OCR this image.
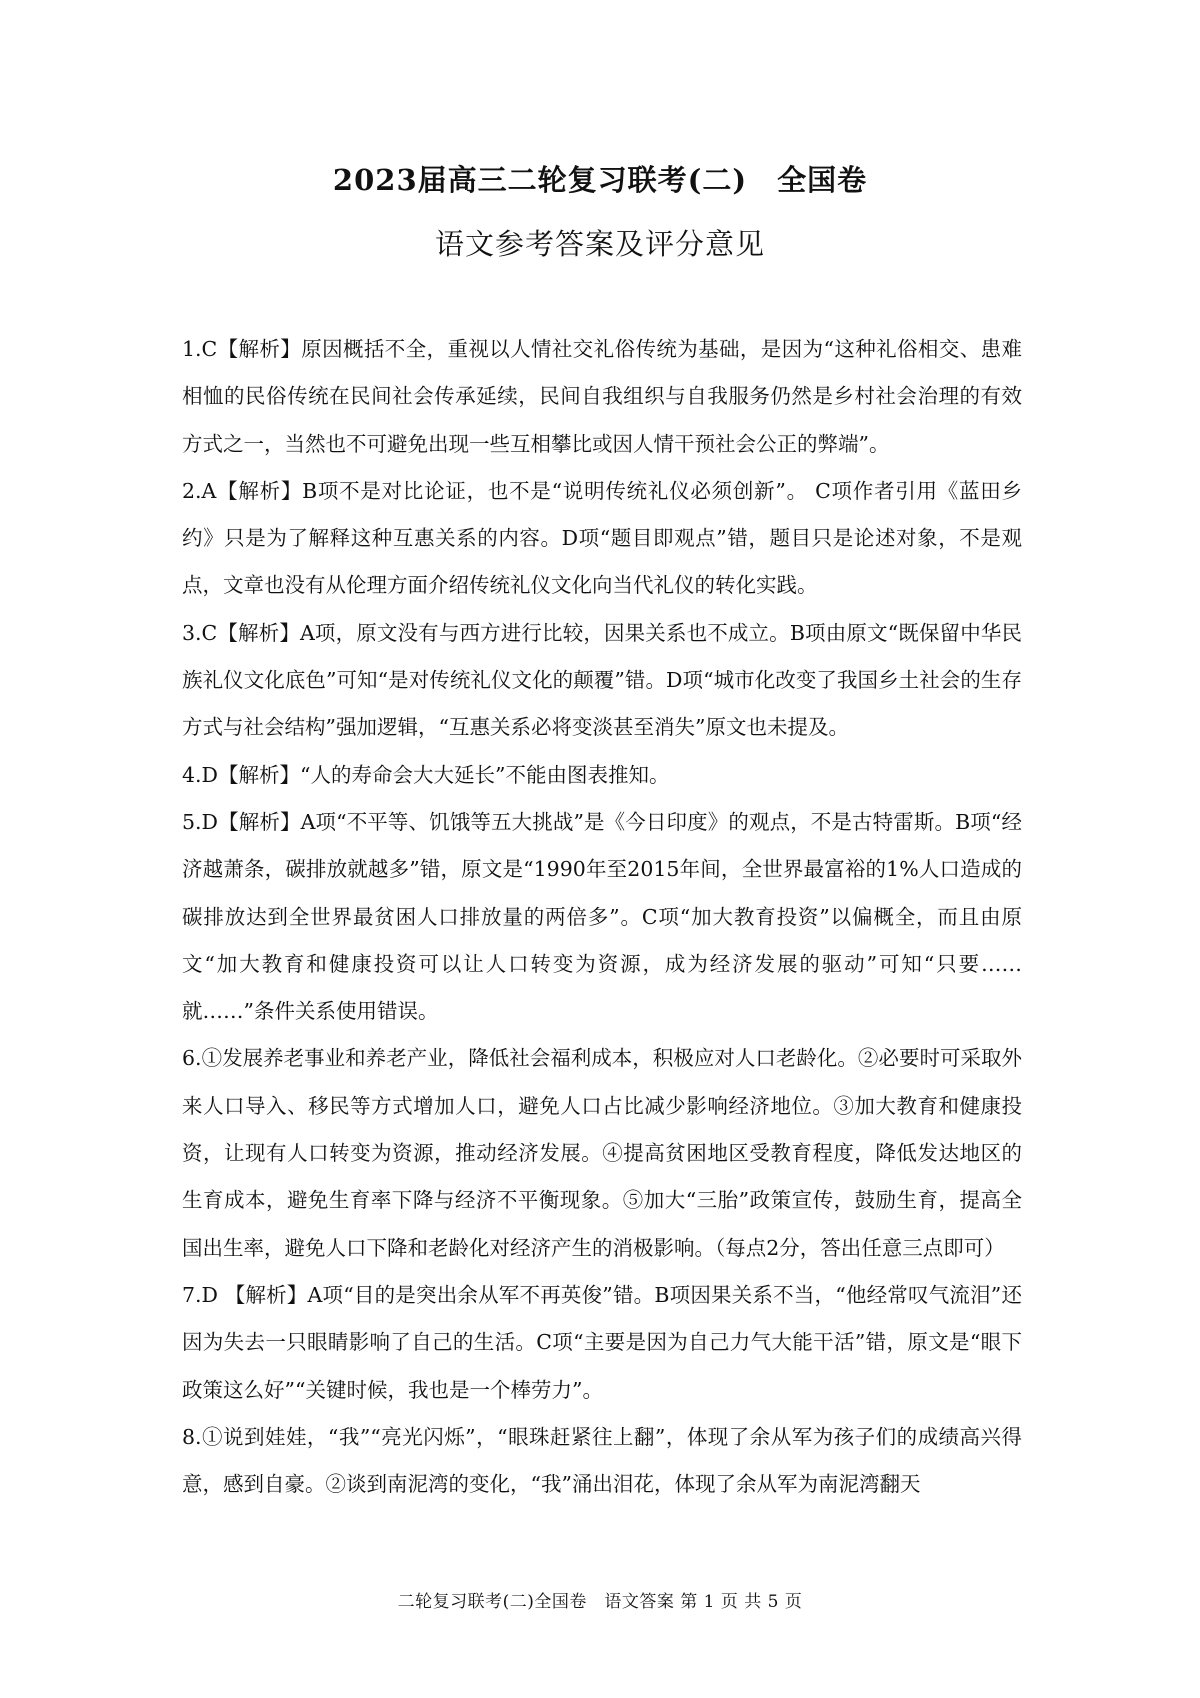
2023届高三二轮复习联考(二)　全国卷
语文参考答案及评分意见

1.C【解析】原因概括不全，重视以人情社交礼俗传统为基础，是因为“这种礼俗相交、患难相恤的民俗传统在民间社会传承延续，民间自我组织与自我服务仍然是乡村社会治理的有效方式之一，当然也不可避免出现一些互相攀比或因人情干预社会公正的弊端”。

2.A【解析】B项不是对比论证，也不是“说明传统礼仪必须创新”。 C项作者引用《蓝田乡约》只是为了解释这种互惠关系的内容。D项“题目即观点”错，题目只是论述对象，不是观点，文章也没有从伦理方面介绍传统礼仪文化向当代礼仪的转化实践。

3.C【解析】A项，原文没有与西方进行比较，因果关系也不成立。B项由原文“既保留中华民族礼仪文化底色”可知“是对传统礼仪文化的颠覆”错。D项“城市化改变了我国乡土社会的生存方式与社会结构”强加逻辑，“互惠关系必将变淡甚至消失”原文也未提及。

4.D【解析】“人的寿命会大大延长”不能由图表推知。

5.D【解析】A项“不平等、饥饿等五大挑战”是《今日印度》的观点，不是古特雷斯。B项“经济越萧条，碳排放就越多”错，原文是“1990年至2015年间，全世界最富裕的1%人口造成的碳排放达到全世界最贫困人口排放量的两倍多”。C项“加大教育投资”以偏概全，而且由原文“加大教育和健康投资可以让人口转变为资源，成为经济发展的驱动”可知“只要……就……”条件关系使用错误。

6.①发展养老事业和养老产业，降低社会福利成本，积极应对人口老龄化。②必要时可采取外来人口导入、移民等方式增加人口，避免人口占比减少影响经济地位。③加大教育和健康投资，让现有人口转变为资源，推动经济发展。④提高贫困地区受教育程度，降低发达地区的生育成本，避免生育率下降与经济不平衡现象。⑤加大“三胎”政策宣传，鼓励生育，提高全国出生率，避免人口下降和老龄化对经济产生的消极影响。（每点2分，答出任意三点即可）

7.D 【解析】A项“目的是突出余从军不再英俊”错。B项因果关系不当，“他经常叹气流泪”还因为失去一只眼睛影响了自己的生活。C项“主要是因为自己力气大能干活”错，原文是“眼下政策这么好”“关键时候，我也是一个棒劳力”。

8.①说到娃娃，“我”“亮光闪烁”，“眼珠赶紧往上翻”，体现了余从军为孩子们的成绩高兴得意，感到自豪。②谈到南泥湾的变化，“我”涌出泪花，体现了余从军为南泥湾翻天

二轮复习联考(二)全国卷　语文答案 第 1 页 共 5 页
